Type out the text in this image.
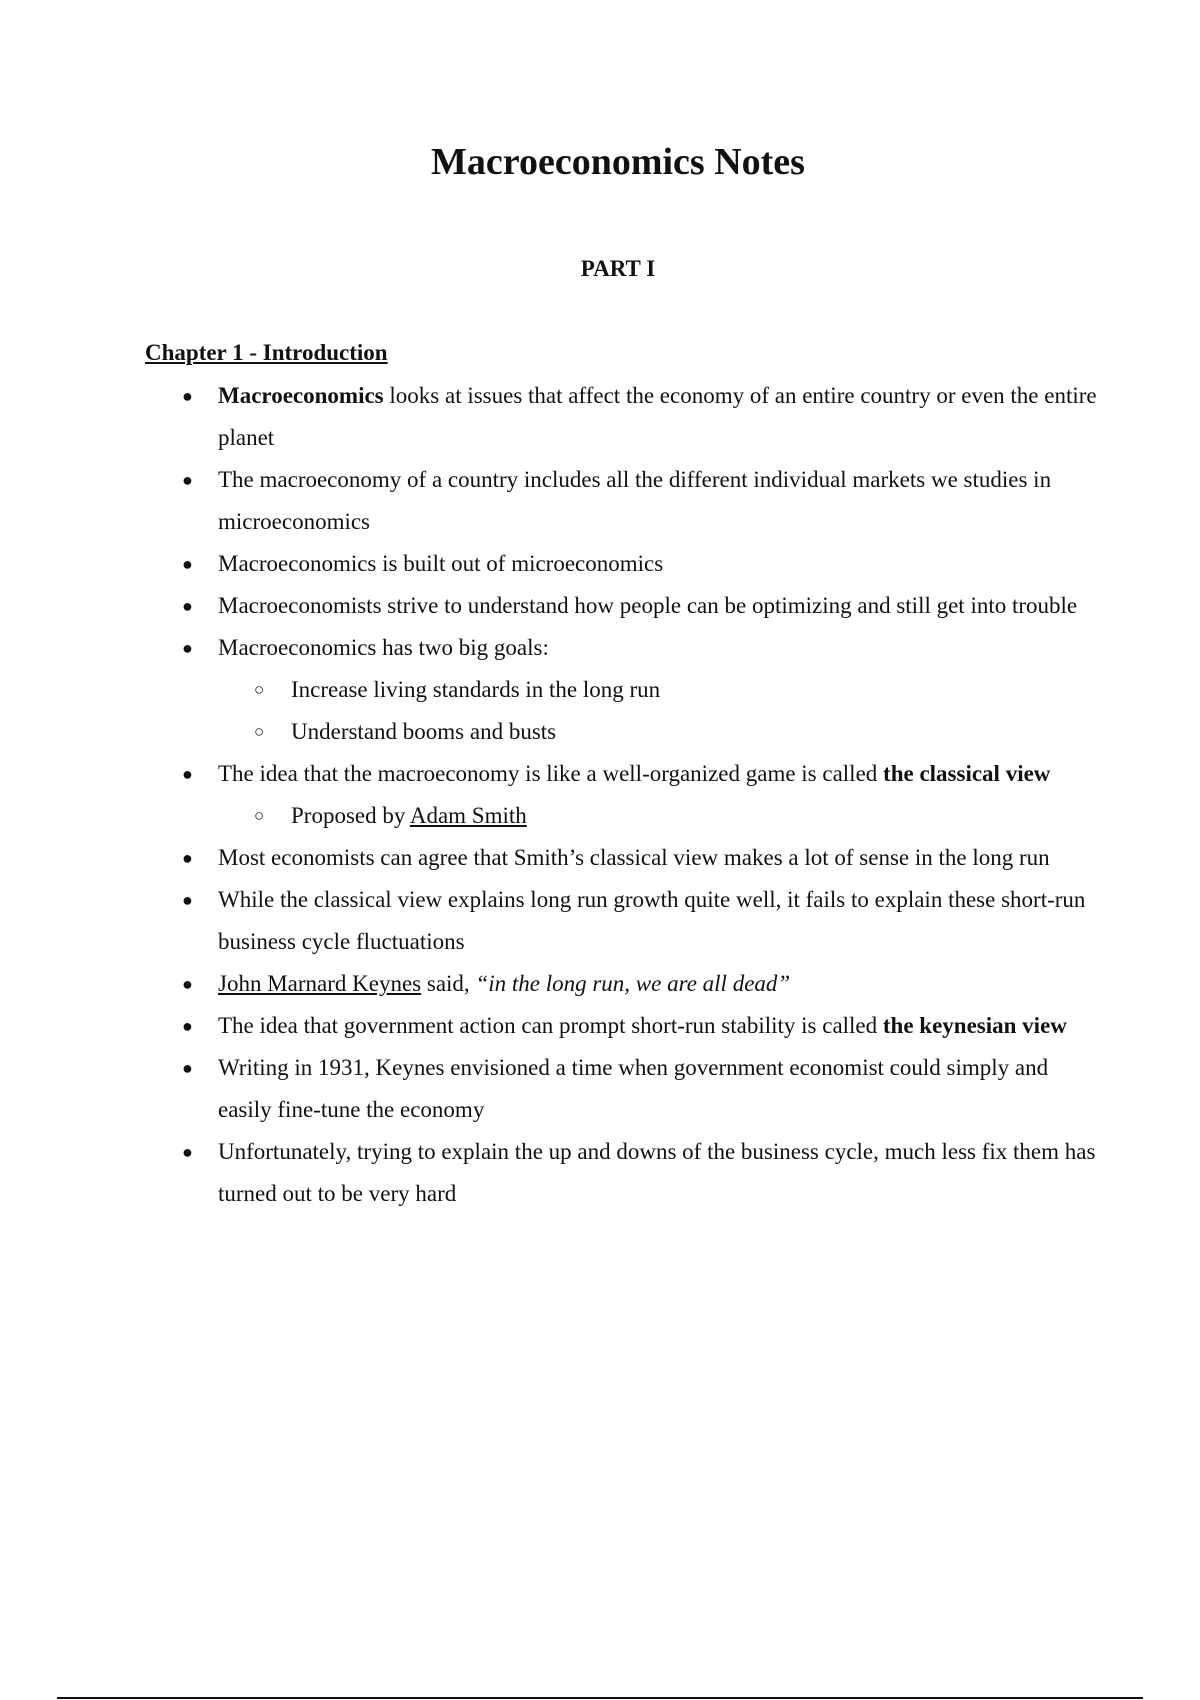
Macroeconomics Notes
PART I
Chapter 1 - Introduction
● Macroeconomics looks at issues that affect the economy of an entire country or even the entire planet
● The macroeconomy of a country includes all the different individual markets we studies in microeconomics
● Macroeconomics is built out of microeconomics
● Macroeconomists strive to understand how people can be optimizing and still get into trouble
● Macroeconomics has two big goals:
○ Increase living standards in the long run
○ Understand booms and busts
● The idea that the macroeconomy is like a well-organized game is called the classical view
○ Proposed by Adam Smith
● Most economists can agree that Smith’s classical view makes a lot of sense in the long run
● While the classical view explains long run growth quite well, it fails to explain these short-run business cycle fluctuations
● John Marnard Keynes said, “in the long run, we are all dead”
● The idea that government action can prompt short-run stability is called the keynesian view
● Writing in 1931, Keynes envisioned a time when government economist could simply and easily fine-tune the economy
● Unfortunately, trying to explain the up and downs of the business cycle, much less fix them has turned out to be very hard
